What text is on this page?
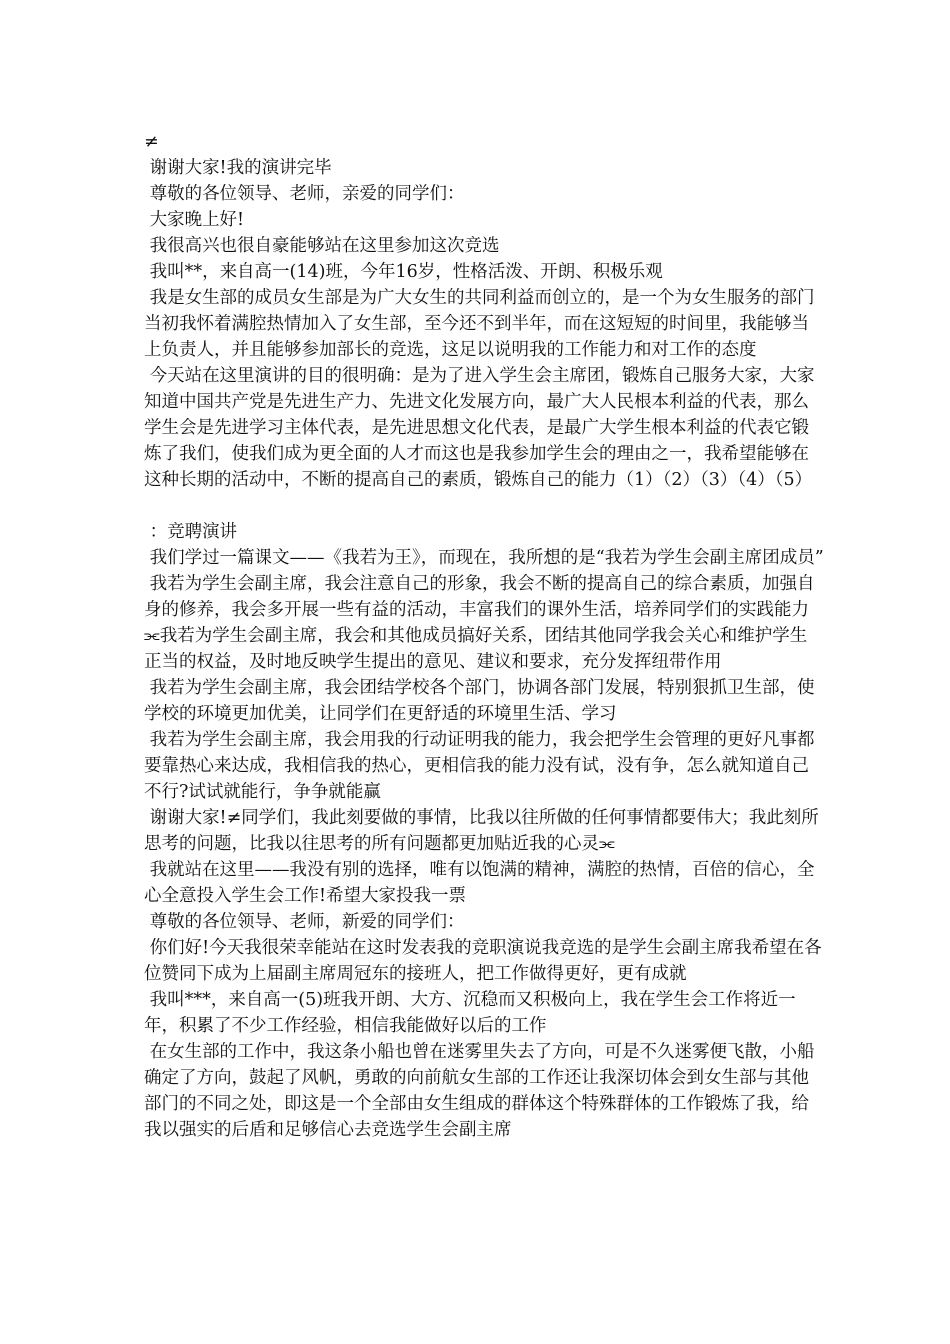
≠

谢谢大家!我的演讲完毕

尊敬的各位领导、老师，亲爱的同学们：

大家晚上好!

我很高兴也很自豪能够站在这里参加这次竞选

我叫**，来自高一(14)班，今年16岁，性格活泼、开朗、积极乐观

我是女生部的成员女生部是为广大女生的共同利益而创立的，是一个为女生服务的部门当初我怀着满腔热情加入了女生部，至今还不到半年，而在这短短的时间里，我能够当上负责人，并且能够参加部长的竞选，这足以说明我的工作能力和对工作的态度

今天站在这里演讲的目的很明确：是为了进入学生会主席团，锻炼自己服务大家，大家知道中国共产党是先进生产力、先进文化发展方向，最广大人民根本利益的代表，那么学生会是先进学习主体代表，是先进思想文化代表，是最广大学生根本利益的代表它锻炼了我们，使我们成为更全面的人才而这也是我参加学生会的理由之一，我希望能够在这种长期的活动中，不断的提高自己的素质，锻炼自己的能力（1）（2）（3）（4）（5）

：竞聘演讲

我们学过一篇课文——《我若为王》，而现在，我所想的是“我若为学生会副主席团成员”

我若为学生会副主席，我会注意自己的形象，我会不断的提高自己的综合素质，加强自身的修养，我会多开展一些有益的活动，丰富我们的课外生活，培养同学们的实践能力⫘我若为学生会副主席，我会和其他成员搞好关系，团结其他同学我会关心和维护学生正当的权益，及时地反映学生提出的意见、建议和要求，充分发挥纽带作用

我若为学生会副主席，我会团结学校各个部门，协调各部门发展，特别狠抓卫生部，使学校的环境更加优美，让同学们在更舒适的环境里生活、学习

我若为学生会副主席，我会用我的行动证明我的能力，我会把学生会管理的更好凡事都要靠热心来达成，我相信我的热心，更相信我的能力没有试，没有争，怎么就知道自己不行?试试就能行，争争就能赢

谢谢大家!≠同学们，我此刻要做的事情，比我以往所做的任何事情都要伟大；我此刻所思考的问题，比我以往思考的所有问题都更加贴近我的心灵⫘

我就站在这里——我没有别的选择，唯有以饱满的精神，满腔的热情，百倍的信心，全心全意投入学生会工作!希望大家投我一票

尊敬的各位领导、老师，新爱的同学们：

你们好!今天我很荣幸能站在这时发表我的竞职演说我竞选的是学生会副主席我希望在各位赞同下成为上届副主席周冠东的接班人，把工作做得更好，更有成就

我叫***，来自高一(5)班我开朗、大方、沉稳而又积极向上，我在学生会工作将近一年，积累了不少工作经验，相信我能做好以后的工作

在女生部的工作中，我这条小船也曾在迷雾里失去了方向，可是不久迷雾便飞散，小船确定了方向，鼓起了风帆，勇敢的向前航女生部的工作还让我深切体会到女生部与其他部门的不同之处，即这是一个全部由女生组成的群体这个特殊群体的工作锻炼了我，给我以强实的后盾和足够信心去竞选学生会副主席
